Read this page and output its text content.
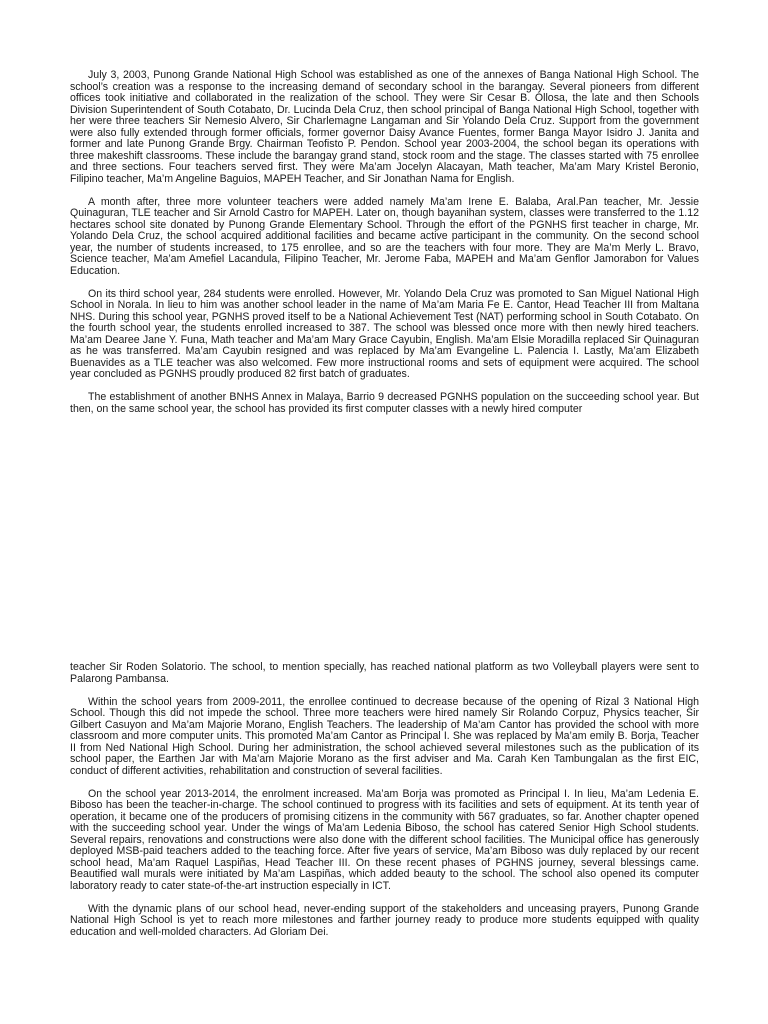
July 3, 2003, Punong Grande National High School was established as one of the annexes of Banga National High School. The school’s creation was a response to the increasing demand of secondary school in the barangay. Several pioneers from different offices took initiative and collaborated in the realization of the school. They were Sir Cesar B. Ollosa, the late and then Schools Division Superintendent of South Cotabato, Dr. Lucinda Dela Cruz, then school principal of Banga National High School, together with her were three teachers Sir Nemesio Alvero, Sir Charlemagne Langaman and Sir Yolando Dela Cruz. Support from the government were also fully extended through former officials, former governor Daisy Avance Fuentes, former Banga Mayor Isidro J. Janita and former and late Punong Grande Brgy. Chairman Teofisto P. Pendon. School year 2003-2004, the school began its operations with three makeshift classrooms. These include the barangay grand stand, stock room and the stage. The classes started with 75 enrollee and three sections. Four teachers served first. They were Ma’am Jocelyn Alacayan, Math teacher, Ma’am Mary Kristel Beronio, Filipino teacher, Ma’m Angeline Baguios, MAPEH Teacher, and Sir Jonathan Nama for English.

A month after, three more volunteer teachers were added namely Ma’am Irene E. Balaba, Aral.Pan teacher, Mr. Jessie Quinaguran, TLE teacher and Sir Arnold Castro for MAPEH. Later on, though bayanihan system, classes were transferred to the 1.12 hectares school site donated by Punong Grande Elementary School. Through the effort of the PGNHS first teacher in charge, Mr. Yolando Dela Cruz, the school acquired additional facilities and became active participant in the community. On the second school year, the number of students increased, to 175 enrollee, and so are the teachers with four more. They are Ma’m Merly L. Bravo, Science teacher, Ma’am Amefiel Lacandula, Filipino Teacher, Mr. Jerome Faba, MAPEH and Ma’am Genflor Jamorabon for Values Education.

On its third school year, 284 students were enrolled. However, Mr. Yolando Dela Cruz was promoted to San Miguel National High School in Norala. In lieu to him was another school leader in the name of Ma’am Maria Fe E. Cantor, Head Teacher III from Maltana NHS. During this school year, PGNHS proved itself to be a National Achievement Test (NAT) performing school in South Cotabato. On the fourth school year, the students enrolled increased to 387. The school was blessed once more with then newly hired teachers. Ma’am Dearee Jane Y. Funa, Math teacher and Ma’am Mary Grace Cayubin, English. Ma’am Elsie Moradilla replaced Sir Quinaguran as he was transferred. Ma’am Cayubin resigned and was replaced by Ma’am Evangeline L. Palencia I. Lastly, Ma’am Elizabeth Buenavides as a TLE teacher was also welcomed. Few more instructional rooms and sets of equipment were acquired. The school year concluded as PGNHS proudly produced 82 first batch of graduates.

The establishment of another BNHS Annex in Malaya, Barrio 9 decreased PGNHS population on the succeeding school year. But then, on the same school year, the school has provided its first computer classes with a newly hired computer

teacher Sir Roden Solatorio. The school, to mention specially, has reached national platform as two Volleyball players were sent to Palarong Pambansa.

Within the school years from 2009-2011, the enrollee continued to decrease because of the opening of Rizal 3 National High School. Though this did not impede the school. Three more teachers were hired namely Sir Rolando Corpuz, Physics teacher, Sir Gilbert Casuyon and Ma’am Majorie Morano, English Teachers. The leadership of Ma’am Cantor has provided the school with more classroom and more computer units. This promoted Ma’am Cantor as Principal I. She was replaced by Ma’am emily B. Borja, Teacher II from Ned National High School. During her administration, the school achieved several milestones such as the publication of its school paper, the Earthen Jar with Ma’am Majorie Morano as the first adviser and Ma. Carah Ken Tambungalan as the first EIC, conduct of different activities, rehabilitation and construction of several facilities.

On the school year 2013-2014, the enrolment increased. Ma’am Borja was promoted as Principal I. In lieu, Ma’am Ledenia E. Biboso has been the teacher-in-charge. The school continued to progress with its facilities and sets of equipment. At its tenth year of operation, it became one of the producers of promising citizens in the community with 567 graduates, so far. Another chapter opened with the succeeding school year. Under the wings of Ma’am Ledenia Biboso, the school has catered Senior High School students. Several repairs, renovations and constructions were also done with the different school facilities. The Municipal office has generously deployed MSB-paid teachers added to the teaching force. After five years of service, Ma’am Biboso was duly replaced by our recent school head, Ma’am Raquel Laspiñas, Head Teacher III. On these recent phases of PGHNS journey, several blessings came. Beautified wall murals were initiated by Ma’am Laspiñas, which added beauty to the school. The school also opened its computer laboratory ready to cater state-of-the-art instruction especially in ICT.

With the dynamic plans of our school head, never-ending support of the stakeholders and unceasing prayers, Punong Grande National High School is yet to reach more milestones and farther journey ready to produce more students equipped with quality education and well-molded characters. Ad Gloriam Dei.
